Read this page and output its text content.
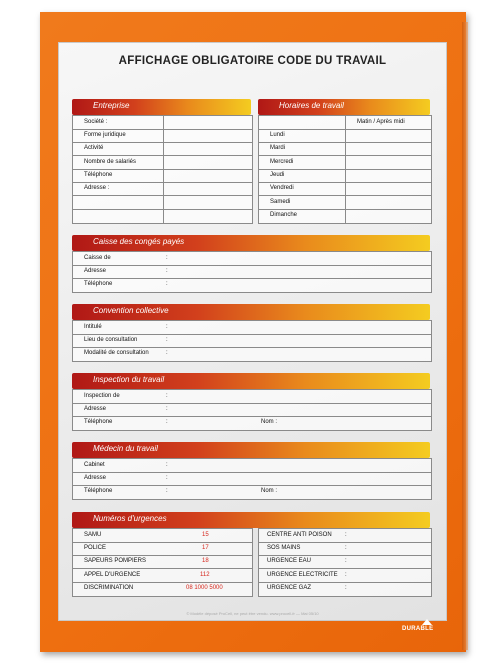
AFFICHAGE OBLIGATOIRE CODE DU TRAVAIL
Entreprise
Société :
Forme juridique
Activité
Nombre de salariés
Téléphone
Adresse :
Horaires de travail
Matin / Après midi
Lundi
Mardi
Mercredi
Jeudi
Vendredi
Samedi
Dimanche
Caisse des congés payés
Caisse de	:
Adresse	:
Téléphone	:
Convention collective
Intitulé	:
Lieu de consultation	:
Modalité de consultation	:
Inspection du travail
Inspection de	:
Adresse	:
Téléphone	:	Nom :
Médecin du travail
Cabinet	:
Adresse	:
Téléphone	:	Nom :
Numéros d'urgences
SAMU	15
POLICE	17
SAPEURS POMPIERS	18
APPEL D'URGENCE	112
DISCRIMINATION	08 1000 5000
CENTRE ANTI POISON :
SOS MAINS	:
URGENCE EAU	:
URGENCE ELECTRICITE :
URGENCE GAZ	:
© Modèle déposé ProCell, ne peut être vendu. www.procell-fr — Mai 05/10
DURABLE
